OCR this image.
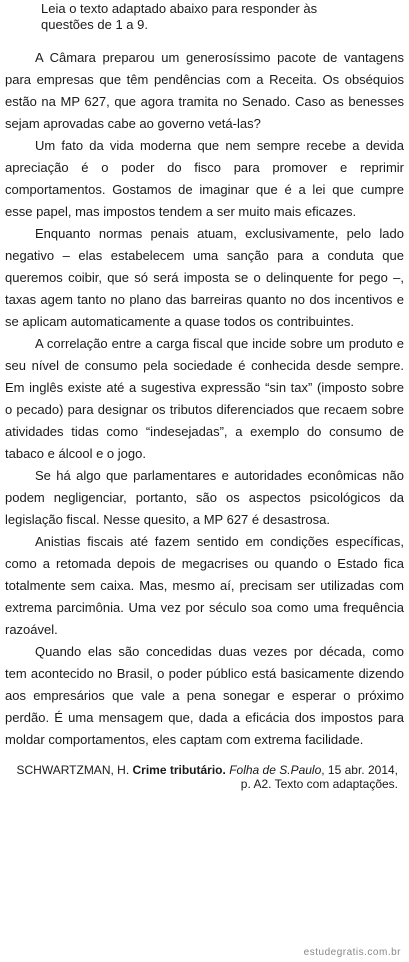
Leia o texto adaptado abaixo para responder às questões de 1 a 9.

A Câmara preparou um generosíssimo pacote de vantagens para empresas que têm pendências com a Receita. Os obséquios estão na MP 627, que agora tramita no Senado. Caso as benesses sejam aprovadas cabe ao governo vetá-las?

Um fato da vida moderna que nem sempre recebe a devida apreciação é o poder do fisco para promover e reprimir comportamentos. Gostamos de imaginar que é a lei que cumpre esse papel, mas impostos tendem a ser muito mais eficazes.

Enquanto normas penais atuam, exclusivamente, pelo lado negativo – elas estabelecem uma sanção para a conduta que queremos coibir, que só será imposta se o delinquente for pego –, taxas agem tanto no plano das barreiras quanto no dos incentivos e se aplicam automaticamente a quase todos os contribuintes.

A correlação entre a carga fiscal que incide sobre um produto e seu nível de consumo pela sociedade é conhecida desde sempre. Em inglês existe até a sugestiva expressão “sin tax” (imposto sobre o pecado) para designar os tributos diferenciados que recaem sobre atividades tidas como “indesejadas”, a exemplo do consumo de tabaco e álcool e o jogo.

Se há algo que parlamentares e autoridades econômicas não podem negligenciar, portanto, são os aspectos psicológicos da legislação fiscal. Nesse quesito, a MP 627 é desastrosa.

Anistias fiscais até fazem sentido em condições específicas, como a retomada depois de megacrises ou quando o Estado fica totalmente sem caixa. Mas, mesmo aí, precisam ser utilizadas com extrema parcimônia. Uma vez por século soa como uma frequência razoável.

Quando elas são concedidas duas vezes por década, como tem acontecido no Brasil, o poder público está basicamente dizendo aos empresários que vale a pena sonegar e esperar o próximo perdão. É uma mensagem que, dada a eficácia dos impostos para moldar comportamentos, eles captam com extrema facilidade.

SCHWARTZMAN, H. Crime tributário. Folha de S.Paulo, 15 abr. 2014,
p. A2. Texto com adaptações.
estudegratis.com.br
